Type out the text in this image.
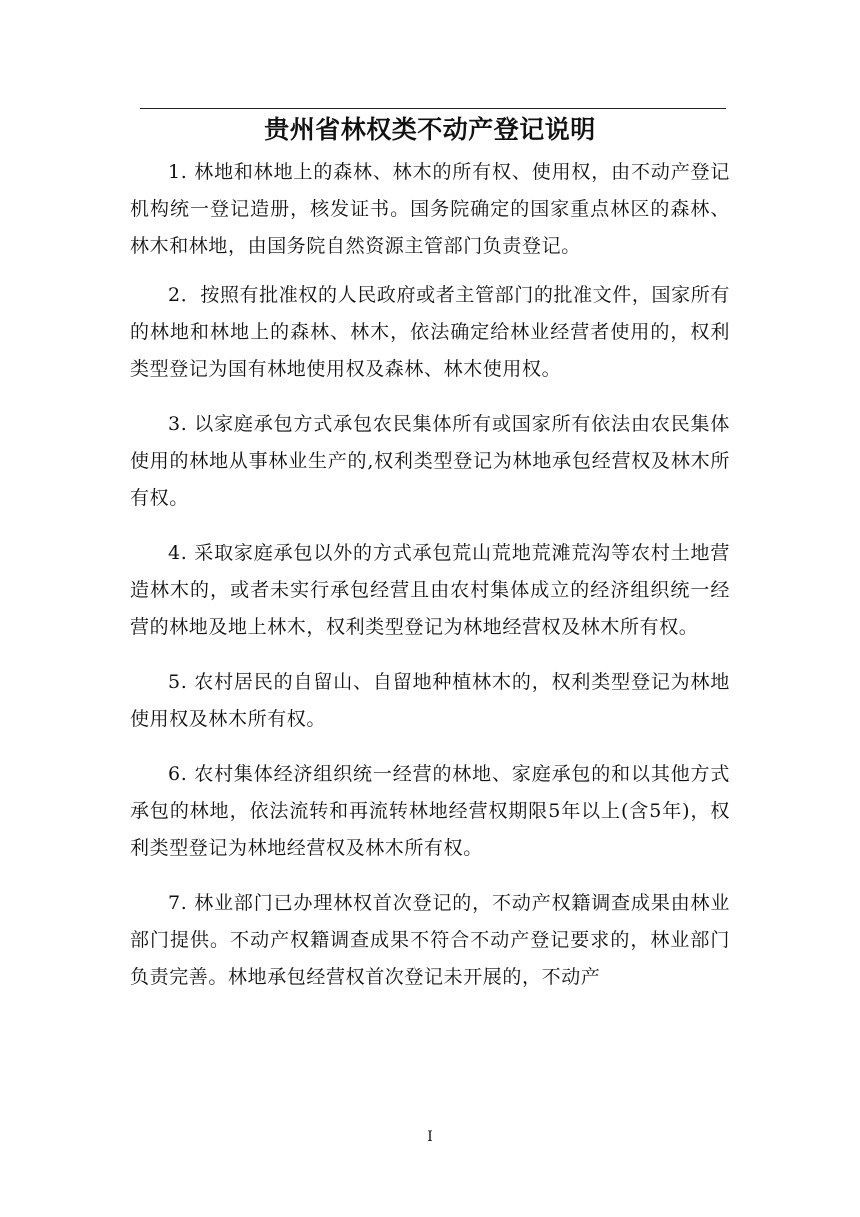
贵州省林权类不动产登记说明

1. 林地和林地上的森林、林木的所有权、使用权，由不动产登记机构统一登记造册，核发证书。国务院确定的国家重点林区的森林、林木和林地，由国务院自然资源主管部门负责登记。

2．按照有批准权的人民政府或者主管部门的批准文件，国家所有的林地和林地上的森林、林木，依法确定给林业经营者使用的，权利类型登记为国有林地使用权及森林、林木使用权。

3. 以家庭承包方式承包农民集体所有或国家所有依法由农民集体使用的林地从事林业生产的,权利类型登记为林地承包经营权及林木所有权。

4. 采取家庭承包以外的方式承包荒山荒地荒滩荒沟等农村土地营造林木的，或者未实行承包经营且由农村集体成立的经济组织统一经营的林地及地上林木，权利类型登记为林地经营权及林木所有权。

5. 农村居民的自留山、自留地种植林木的，权利类型登记为林地使用权及林木所有权。

6. 农村集体经济组织统一经营的林地、家庭承包的和以其他方式承包的林地，依法流转和再流转林地经营权期限5年以上(含5年)，权利类型登记为林地经营权及林木所有权。

7. 林业部门已办理林权首次登记的，不动产权籍调查成果由林业部门提供。不动产权籍调查成果不符合不动产登记要求的，林业部门负责完善。林地承包经营权首次登记未开展的，不动产

I
